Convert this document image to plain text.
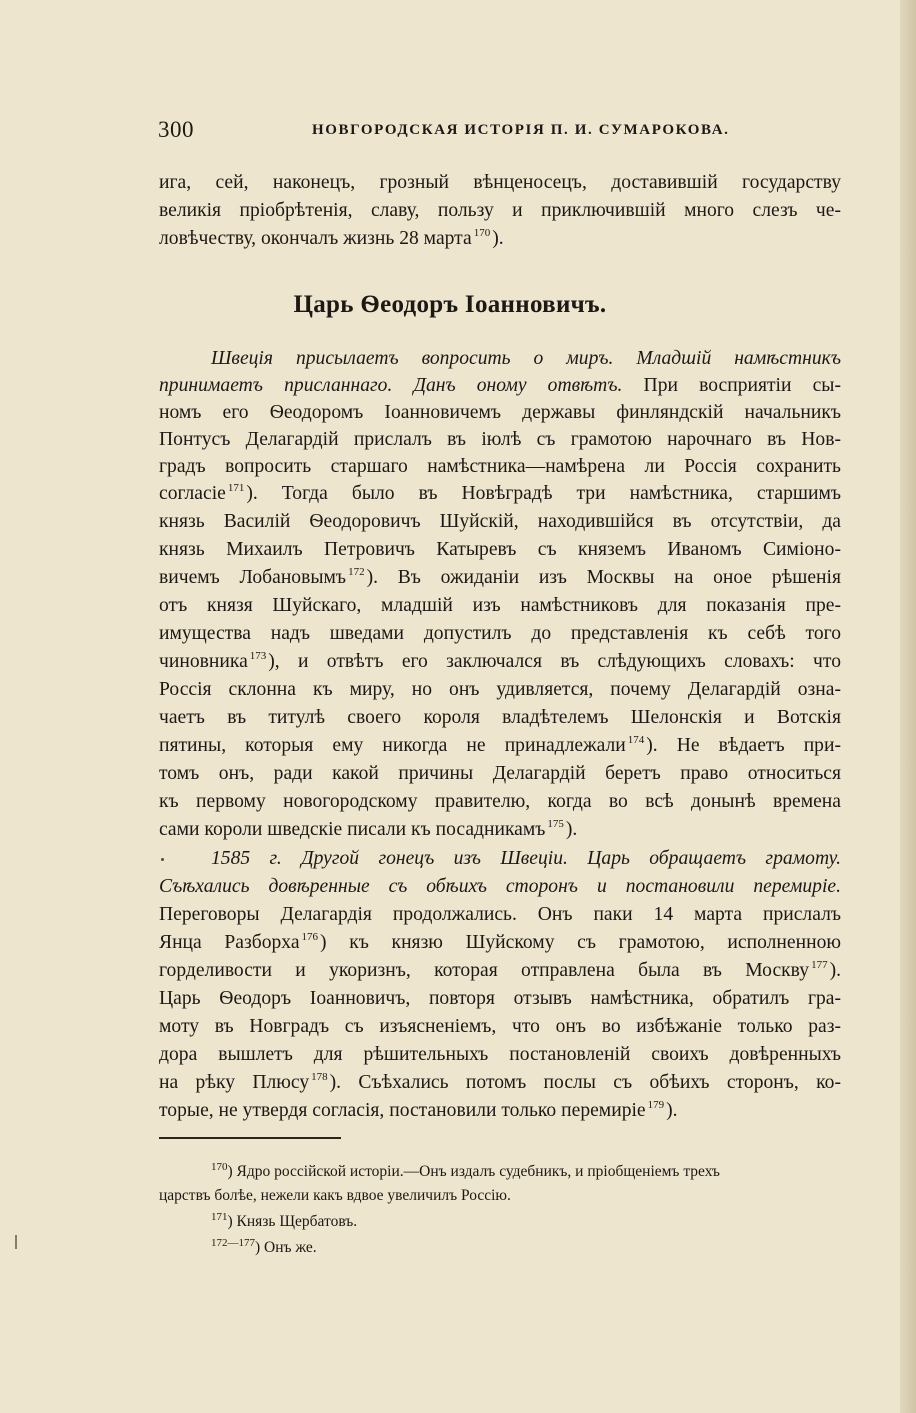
300	НОВГОРОДСКАЯ ИСТОРІЯ П. И. СУМАРОКОВА.
ига, сей, наконецъ, грозный вѣнценосецъ, доставившій государству
великія пріобрѣтенія, славу, пользу и приключившій много слезъ че-
ловѣчеству, окончалъ жизнь 28 марта $^{170}$ ).
Царь Ѳеодоръ Іоанновичъ.
Швеція присылаетъ вопросить о миръ. Младшій намѣстникъ
принимаетъ присланнаго. Данъ оному отвѣтъ. При восприятіи сы-
номъ его Ѳеодоромъ Іоанновичемъ державы финляндскій начальникъ
Понтусъ Делагардій прислалъ въ іюлѣ съ грамотою нарочнаго въ Нов-
градъ вопросить старшаго намѣстника—намѣрена ли Россія сохранить
согласіе $^{171}$ ). Тогда было въ Новѣградѣ три намѣстника, старшимъ
князь Василій Ѳеодоровичъ Шуйскій, находившійся въ отсутствіи, да
князь Михаилъ Петровичъ Катыревъ съ княземъ Иваномъ Симіоно-
вичемъ Лобановымъ $^{172}$ ). Въ ожиданіи изъ Москвы на оное рѣшенія
отъ князя Шуйскаго, младшій изъ намѣстниковъ для показанія пре-
имущества надъ шведами допустилъ до представленія къ себѣ того
чиновника $^{173}$ ), и отвѣтъ его заключался въ слѣдующихъ словахъ: что
Россія склонна къ миру, но онъ удивляется, почему Делагардій озна-
чаетъ въ титулѣ своего короля владѣтелемъ Шелонскія и Вотскія
пятины, которыя ему никогда не принадлежали $^{174}$ ). Не вѣдаетъ при-
томъ онъ, ради какой причины Делагардій беретъ право относиться
къ первому новогородскому правителю, когда во всѣ донынѣ времена
сами короли шведскіе писали къ посадникамъ $^{175}$ ).
1585 г. Другой гонецъ изъ Швеціи. Царь обращаетъ грамоту.
Съѣхались довѣренные съ обѣихъ сторонъ и постановили перемиріе.
Переговоры Делагардія продолжались. Онъ паки 14 марта прислалъ
Янца Разборха $^{176}$ ) къ князю Шуйскому съ грамотою, исполненною
горделивости и укоризнъ, которая отправлена была въ Москву $^{177}$ ).
Царь Ѳеодоръ Іоанновичъ, повторя отзывъ намѣстника, обратилъ гра-
моту въ Новградъ съ изъясненіемъ, что онъ во избѣжаніе только раз-
дора вышлетъ для рѣшительныхъ постановленій своихъ довѣренныхъ
на рѣку Плюсу $^{178}$ ). Съѣхались потомъ послы съ обѣихъ сторонъ, ко-
торые, не утвердя согласія, постановили только перемиріе $^{179}$ ).
$^{170}$) Ядро россійской исторіи.—Онъ издалъ судебникъ, и пріобщеніемъ трехъ
царствъ болѣе, нежели какъ вдвое увеличилъ Россію.
$^{171}$) Князь Щербатовъ.
$^{172—177}$) Онъ же.
